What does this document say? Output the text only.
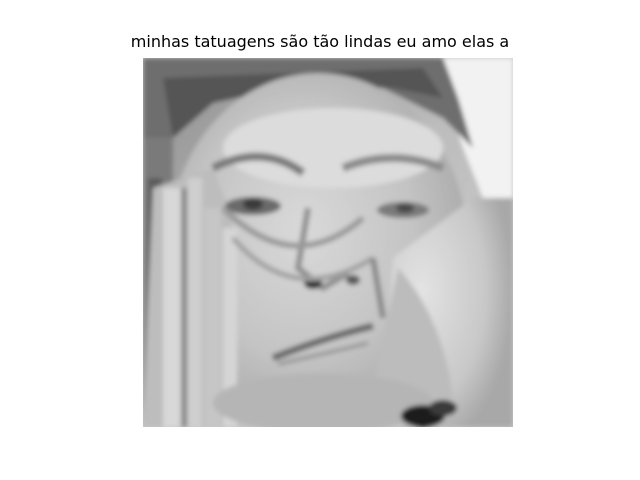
minhas tatuagens são tão lindas eu amo elas a
